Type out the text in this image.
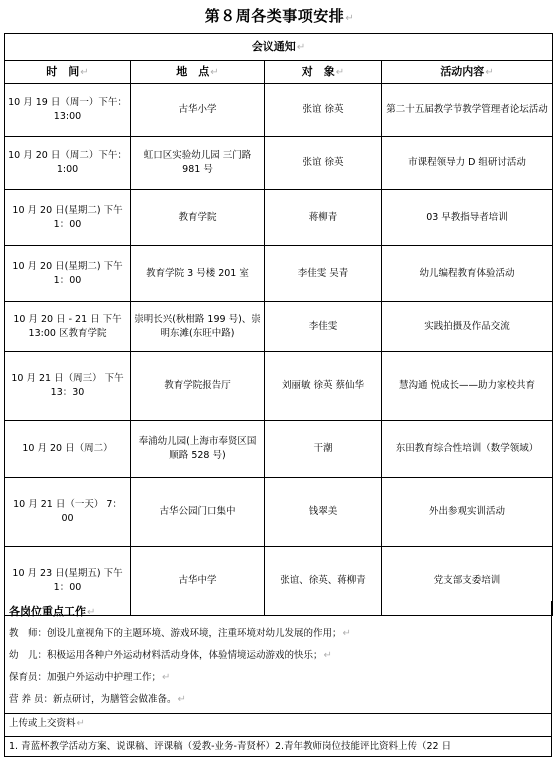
第８周各类事项安排↵
会议通知↵			
时　间↵	地　点↵	对　象↵	活动内容↵
10 月 19 日（周一）下午：13:00	古华小学	张谊 徐英	第二十五届教学节教学管理者论坛活动
10 月 20 日（周二）下午：1:00	虹口区实验幼儿园 三门路 981 号	张谊 徐英	市课程领导力 D 组研讨活动
10 月 20 日(星期二) 下午 1：00	教育学院	蒋柳青	03 早教指导者培训
10 月 20 日(星期二) 下午 1：00	教育学院 3 号楼 201 室	李佳雯 吴青	幼儿编程教育体验活动
10 月 20 日 - 21 日 下午 13:00 区教育学院	崇明长兴(秋柑路 199 号)、崇明东滩(东旺中路)	李佳雯	实践拍摄及作品交流
10 月 21 日（周三） 下午 13：30	教育学院报告厅	刘丽敏 徐英 蔡仙华	慧沟通 悦成长——助力家校共育
10 月 20 日（周二）	奉浦幼儿园(上海市奉贤区国顺路 528 号)	干潮	东田教育综合性培训（数学领域）
10 月 21 日（一天） 7：00	古华公园门口集中	钱翠美	外出参观实训活动
10 月 23 日(星期五) 下午 1：00	古华中学	张谊、徐英、蒋柳青	党支部支委培训
各岗位重点工作↵
教　师：创设儿童视角下的主题环境、游戏环境，注重环境对幼儿发展的作用；↵
幼　儿：积极运用各种户外运动材料活动身体，体验情境运动游戏的快乐；↵
保育员：加强户外运动中护理工作；↵
营 养 员：新点研讨，为膳管会做准备。↵
上传或上交资料↵
1. 青蓝杯教学活动方案、说课稿、评课稿（爱教-业务-青贤杯）2.青年教师岗位技能评比资料上传（22 日
